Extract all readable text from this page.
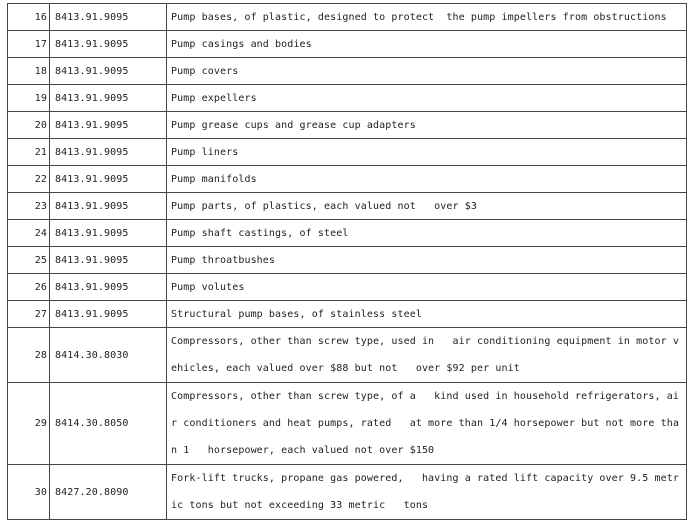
16	8413.91.9095	Pump bases, of plastic, designed to protect  the pump impellers from obstructions
17	8413.91.9095	Pump casings and bodies
18	8413.91.9095	Pump covers
19	8413.91.9095	Pump expellers
20	8413.91.9095	Pump grease cups and grease cup adapters
21	8413.91.9095	Pump liners
22	8413.91.9095	Pump manifolds
23	8413.91.9095	Pump parts, of plastics, each valued not   over $3
24	8413.91.9095	Pump shaft castings, of steel
25	8413.91.9095	Pump throatbushes
26	8413.91.9095	Pump volutes
27	8413.91.9095	Structural pump bases, of stainless steel
28	8414.30.8030	Compressors, other than screw type, used in   air conditioning equipment in motor vehicles, each valued over $88 but not   over $92 per unit
29	8414.30.8050	Compressors, other than screw type, of a   kind used in household refrigerators, air conditioners and heat pumps, rated   at more than 1/4 horsepower but not more than 1   horsepower, each valued not over $150
30	8427.20.8090	Fork-lift trucks, propane gas powered,   having a rated lift capacity over 9.5 metric tons but not exceeding 33 metric   tons
